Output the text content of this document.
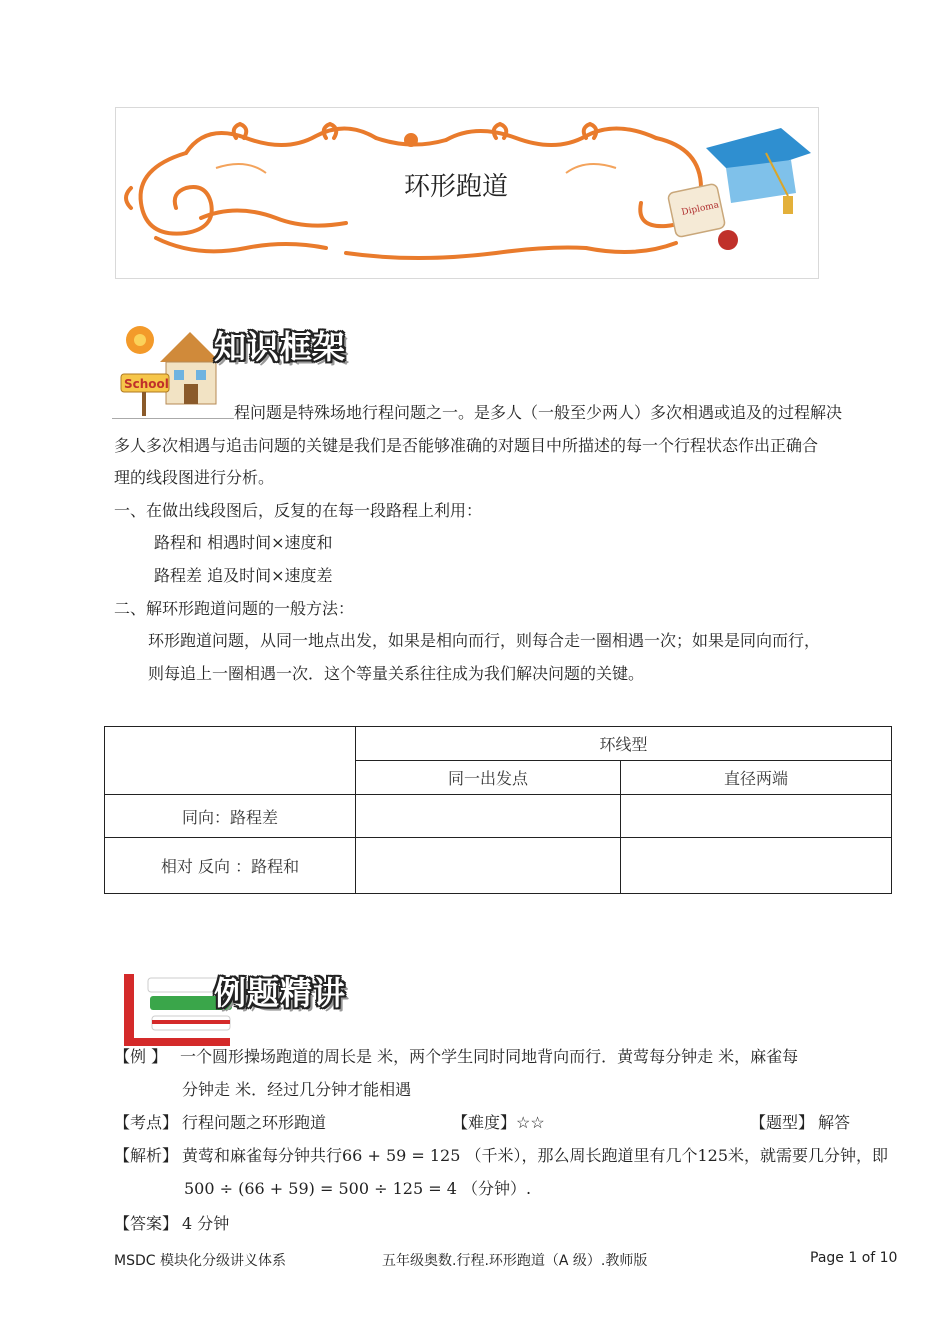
Diploma
环形跑道
School
知识框架
程问题是特殊场地行程问题之一。是多人（一般至少两人）多次相遇或追及的过程解决
多人多次相遇与追击问题的关键是我们是否能够准确的对题目中所描述的每一个行程状态作出正确合
理的线段图进行分析。
一、在做出线段图后，反复的在每一段路程上利用：
路程和 相遇时间×速度和
路程差 追及时间×速度差
二、解环形跑道问题的一般方法：
环形跑道问题，从同一地点出发，如果是相向而行，则每合走一圈相遇一次；如果是同向而行，
则每追上一圈相遇一次．这个等量关系往往成为我们解决问题的关键。
	环线型	
	同一出发点	直径两端
同向：路程差		
相对 反向 ：路程和		
例题精讲
【例 】 一个圆形操场跑道的周长是 米，两个学生同时同地背向而行．黄莺每分钟走 米，麻雀每
分钟走 米．经过几分钟才能相遇
【考点】 行程问题之环形跑道	【难度】 ☆☆	【题型】 解答
【解析】 黄莺和麻雀每分钟共行66 + 59 = 125 （千米），那么周长跑道里有几个125米，就需要几分钟，即
500 ÷ (66 + 59) = 500 ÷ 125 = 4 （分钟）.
【答案】 4 分钟
MSDC 模块化分级讲义体系	五年级奥数.行程.环形跑道（A 级）.教师版	Page 1 of 10
